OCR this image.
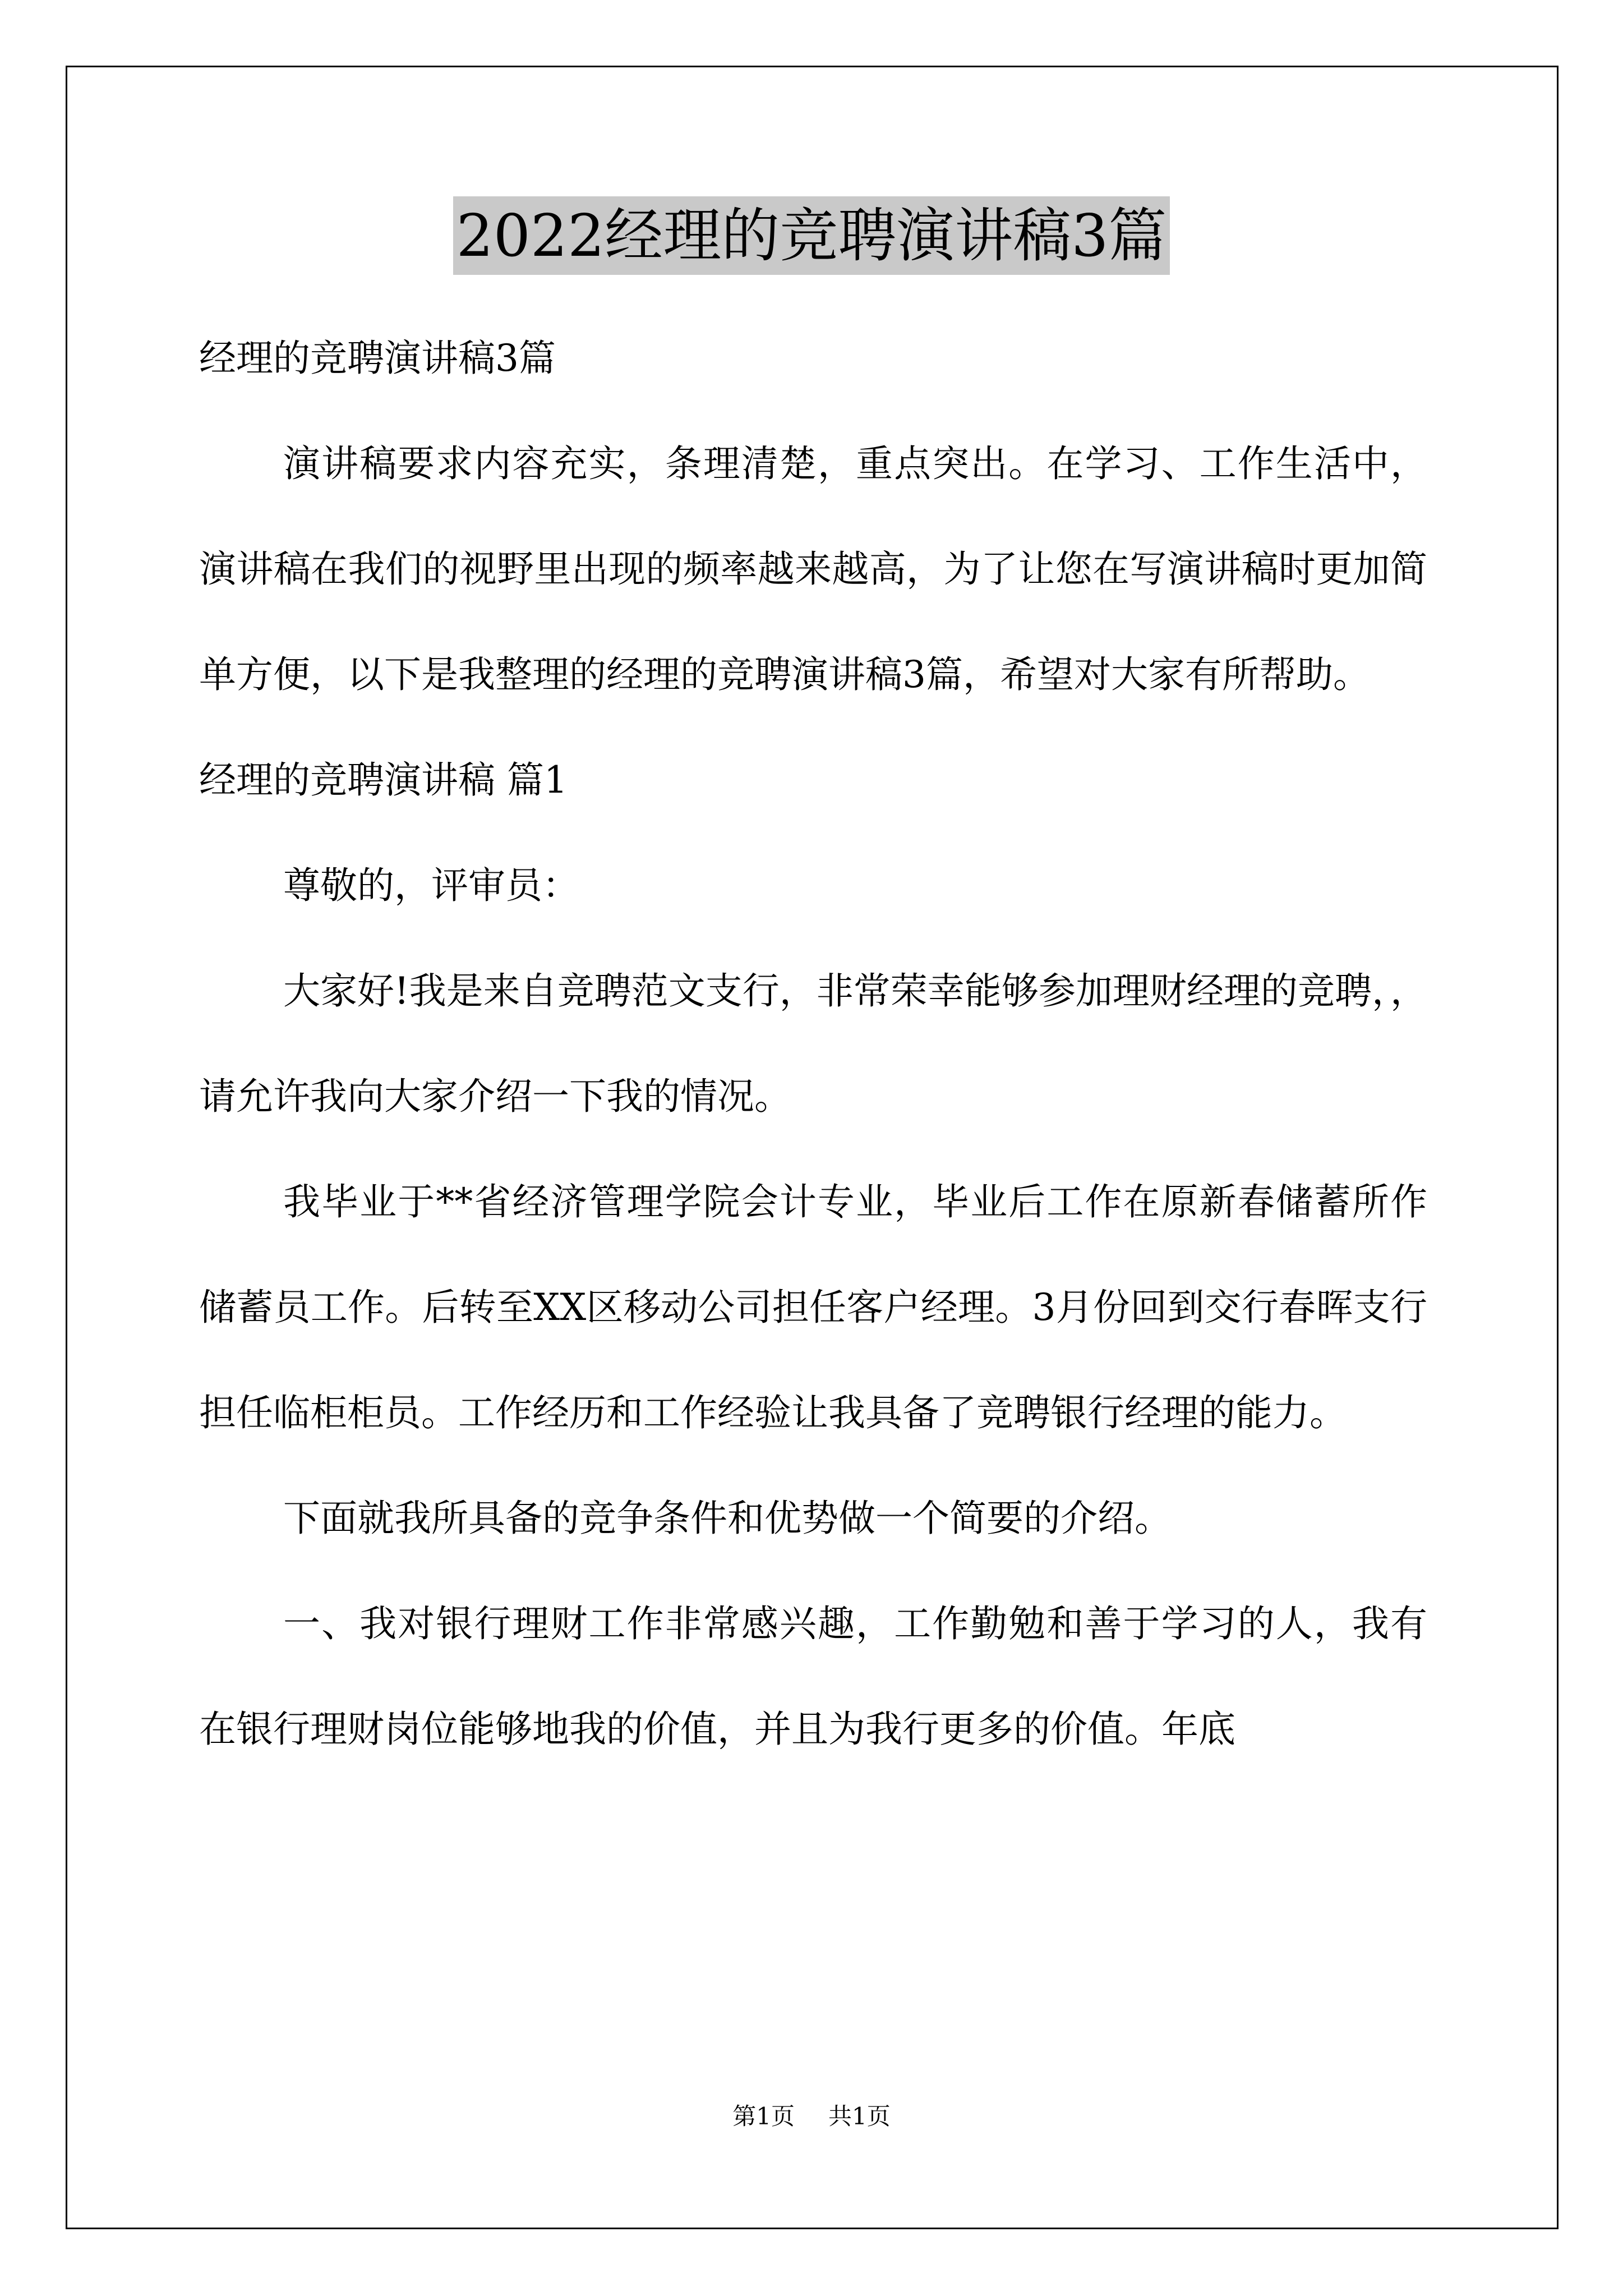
2022经理的竞聘演讲稿3篇

经理的竞聘演讲稿3篇

演讲稿要求内容充实，条理清楚，重点突出。在学习、工作生活中，演讲稿在我们的视野里出现的频率越来越高，为了让您在写演讲稿时更加简单方便，以下是我整理的经理的竞聘演讲稿3篇，希望对大家有所帮助。

经理的竞聘演讲稿 篇1

尊敬的，评审员：

大家好!我是来自竞聘范文支行，非常荣幸能够参加理财经理的竞聘，，请允许我向大家介绍一下我的情况。

我毕业于**省经济管理学院会计专业，毕业后工作在原新春储蓄所作储蓄员工作。后转至XX区移动公司担任客户经理。3月份回到交行春晖支行担任临柜柜员。工作经历和工作经验让我具备了竞聘银行经理的能力。

下面就我所具备的竞争条件和优势做一个简要的介绍。

一、我对银行理财工作非常感兴趣，工作勤勉和善于学习的人，我有在银行理财岗位能够地我的价值，并且为我行更多的价值。年底

第1页 共1页
